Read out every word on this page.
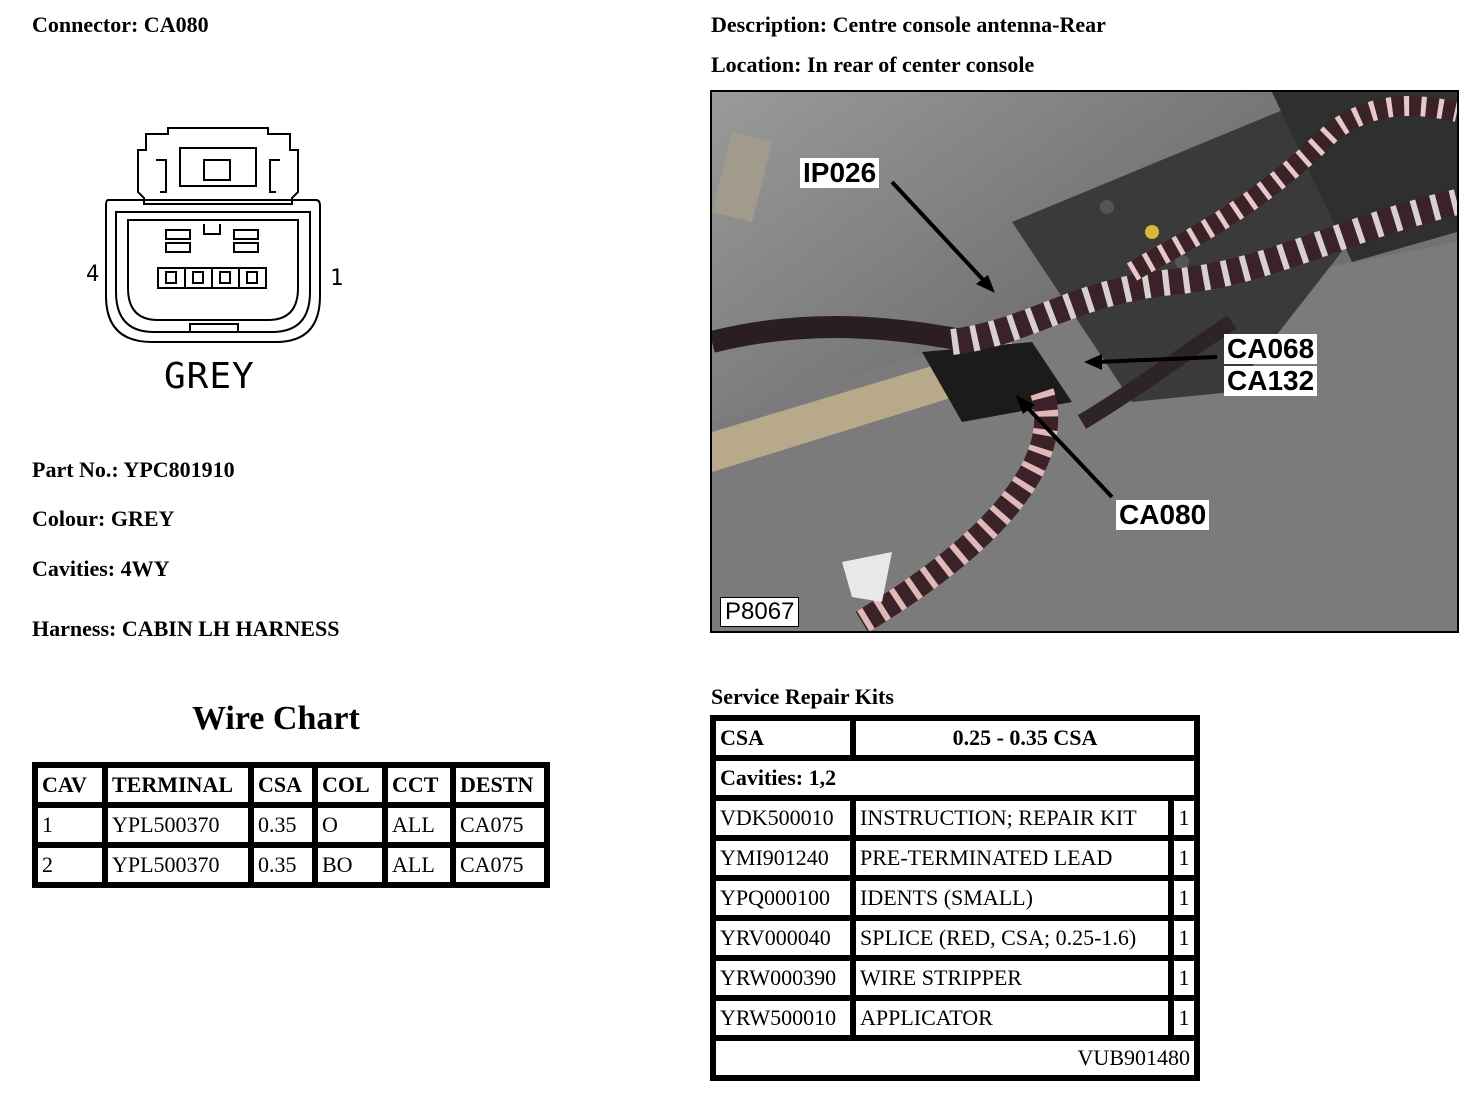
Connector: CA080	Description: Centre console antenna-Rear
Location: In rear of center console
4	1
GREY
Part No.: YPC801910
Colour: GREY
Cavities: 4WY
Harness: CABIN LH HARNESS
IP026
CA068
CA132
CA080
P8067
Wire Chart
CAV	TERMINAL	CSA	COL	CCT	DESTN
1	YPL500370	0.35	O	ALL	CA075
2	YPL500370	0.35	BO	ALL	CA075
Service Repair Kits
CSA	0.25 - 0.35 CSA	
Cavities: 1,2		
VDK500010	INSTRUCTION; REPAIR KIT	1
YMI901240	PRE-TERMINATED LEAD	1
YPQ000100	IDENTS (SMALL)	1
YRV000040	SPLICE (RED, CSA; 0.25-1.6)	1
YRW000390	WIRE STRIPPER	1
YRW500010	APPLICATOR	1
VUB901480		
